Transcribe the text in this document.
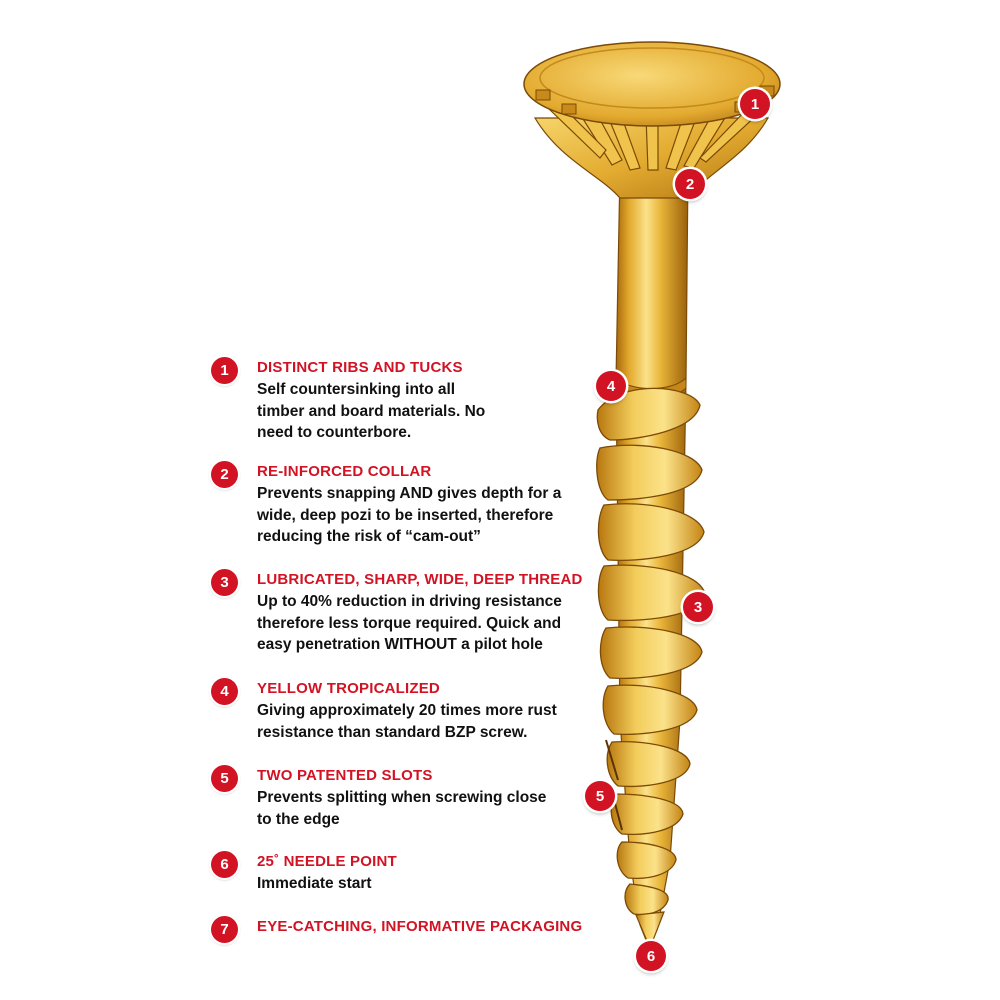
1	DISTINCT RIBS AND TUCKS
Self countersinking into all
timber and board materials. No
need to counterbore.
2	RE-INFORCED COLLAR
Prevents snapping AND gives depth for a
wide, deep pozi to be inserted, therefore
reducing the risk of “cam-out”
3	LUBRICATED, SHARP, WIDE, DEEP THREAD
Up to 40% reduction in driving resistance
therefore less torque required. Quick and
easy penetration WITHOUT a pilot hole
4	YELLOW TROPICALIZED
Giving approximately 20 times more rust
resistance than standard BZP screw.
5	TWO PATENTED SLOTS
Prevents splitting when screwing close
to the edge
6	25˚ NEEDLE POINT
Immediate start
7	EYE-CATCHING, INFORMATIVE PACKAGING
1
2
4
3
5
6
